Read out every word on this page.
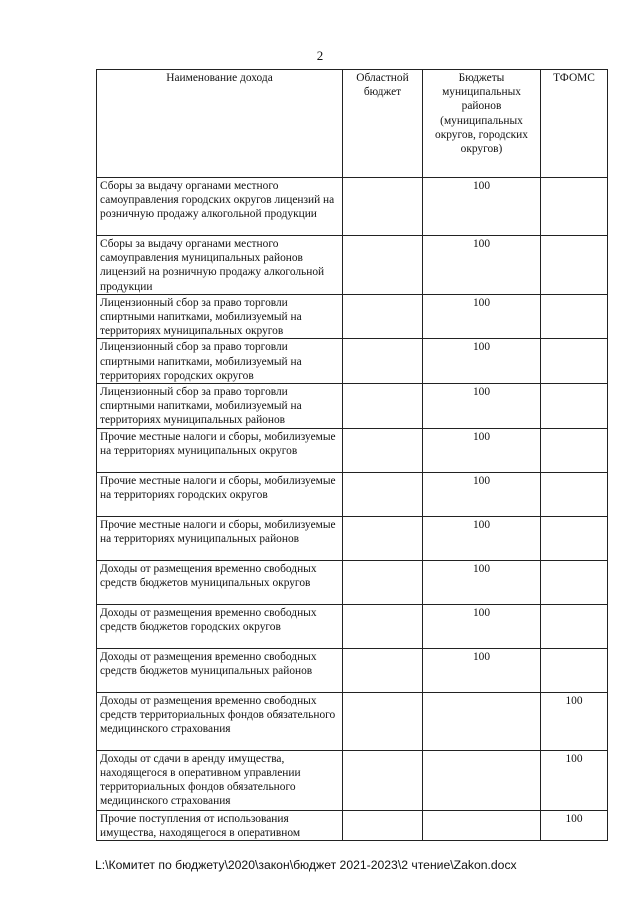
2
Наименование дохода	Областной бюджет	Бюджеты муниципальных районов (муниципальных округов, городских округов)	ТФОМС
Сборы за выдачу органами местного самоуправления городских округов лицензий на розничную продажу алкогольной продукции		100	
Сборы за выдачу органами местного самоуправления муниципальных районов лицензий на розничную продажу алкогольной продукции		100	
Лицензионный сбор за право торговли спиртными напитками, мобилизуемый на территориях муниципальных округов		100	
Лицензионный сбор за право торговли спиртными напитками, мобилизуемый на территориях городских округов		100	
Лицензионный сбор за право торговли спиртными напитками, мобилизуемый на территориях муниципальных районов		100	
Прочие местные налоги и сборы, мобилизуемые на территориях муниципальных округов		100	
Прочие местные налоги и сборы, мобилизуемые на территориях городских округов		100	
Прочие местные налоги и сборы, мобилизуемые на территориях муниципальных районов		100	
Доходы от размещения временно свободных средств бюджетов муниципальных округов		100	
Доходы от размещения временно свободных средств бюджетов городских округов		100	
Доходы от размещения временно свободных средств бюджетов муниципальных районов		100	
Доходы от размещения временно свободных средств территориальных фондов обязательного медицинского страхования			100
Доходы от сдачи в аренду имущества, находящегося в оперативном управлении территориальных фондов обязательного медицинского страхования			100
Прочие поступления от использования имущества, находящегося в оперативном			100
L:\Комитет по бюджету\2020\закон\бюджет 2021-2023\2 чтение\Zakon.docx
